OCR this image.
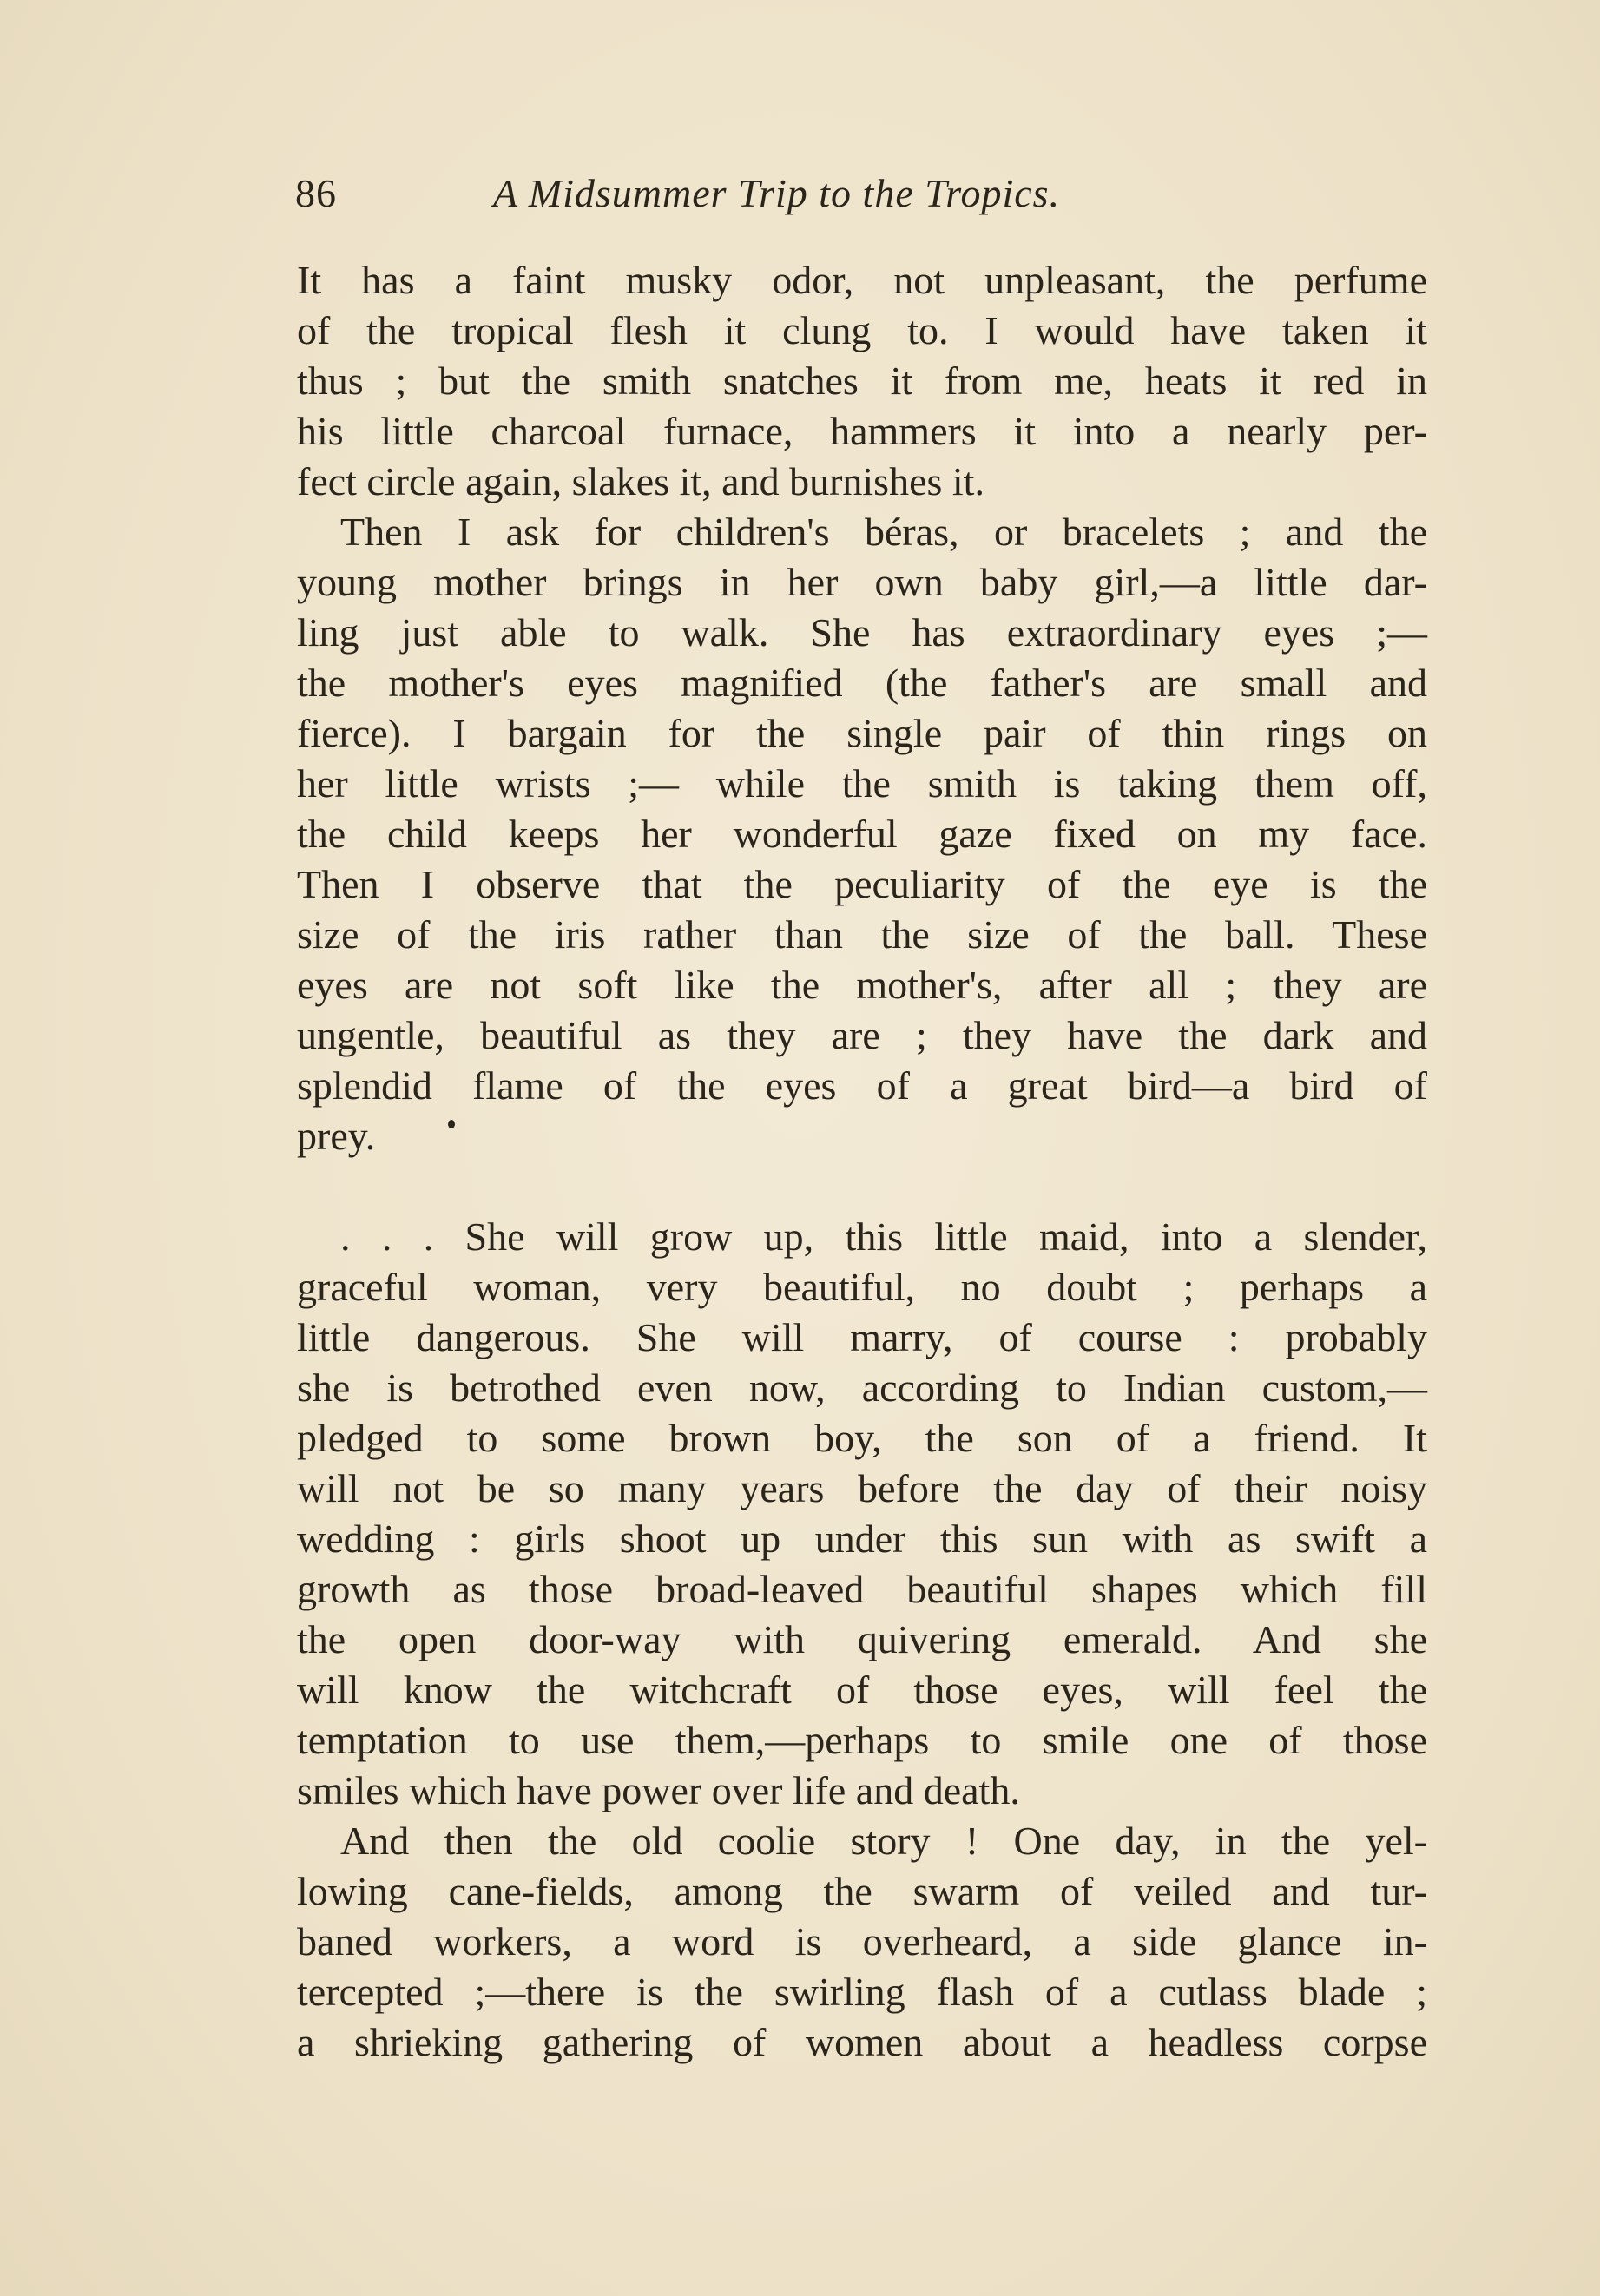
86	A Midsummer Trip to the Tropics.
It has a faint musky odor, not unpleasant, the perfume
of the tropical flesh it clung to. I would have taken it
thus ; but the smith snatches it from me, heats it red in
his little charcoal furnace, hammers it into a nearly per-
fect circle again, slakes it, and burnishes it.
Then I ask for children's béras, or bracelets ; and the
young mother brings in her own baby girl,—a little dar-
ling just able to walk. She has extraordinary eyes ;—
the mother's eyes magnified (the father's are small and
fierce). I bargain for the single pair of thin rings on
her little wrists ;— while the smith is taking them off,
the child keeps her wonderful gaze fixed on my face.
Then I observe that the peculiarity of the eye is the
size of the iris rather than the size of the ball. These
eyes are not soft like the mother's, after all ; they are
ungentle, beautiful as they are ; they have the dark and
splendid flame of the eyes of a great bird—a bird of
prey.
. . . She will grow up, this little maid, into a slender,
graceful woman, very beautiful, no doubt ; perhaps a
little dangerous. She will marry, of course : probably
she is betrothed even now, according to Indian custom,—
pledged to some brown boy, the son of a friend. It
will not be so many years before the day of their noisy
wedding : girls shoot up under this sun with as swift a
growth as those broad-leaved beautiful shapes which fill
the open door-way with quivering emerald. And she
will know the witchcraft of those eyes, will feel the
temptation to use them,—perhaps to smile one of those
smiles which have power over life and death.
And then the old coolie story ! One day, in the yel-
lowing cane-fields, among the swarm of veiled and tur-
baned workers, a word is overheard, a side glance in-
tercepted ;—there is the swirling flash of a cutlass blade ;
a shrieking gathering of women about a headless corpse
